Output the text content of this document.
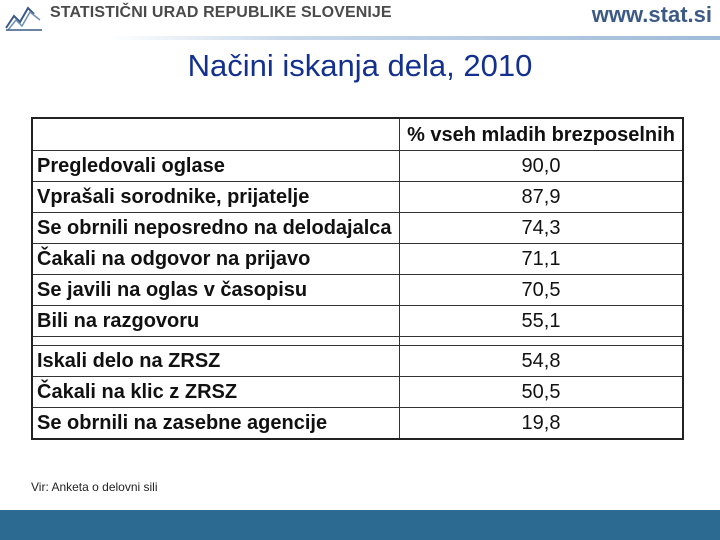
STATISTIČNI URAD REPUBLIKE SLOVENIJE	www.stat.si
Načini iskanja dela, 2010
	% vseh mladih brezposelnih
Pregledovali oglase	90,0
Vprašali sorodnike, prijatelje	87,9
Se obrnili neposredno na delodajalca	74,3
Čakali na odgovor na prijavo	71,1
Se javili na oglas v časopisu	70,5
Bili na razgovoru	55,1

Iskali delo na ZRSZ	54,8
Čakali na klic z ZRSZ	50,5
Se obrnili na zasebne agencije	19,8
Vir: Anketa o delovni sili
